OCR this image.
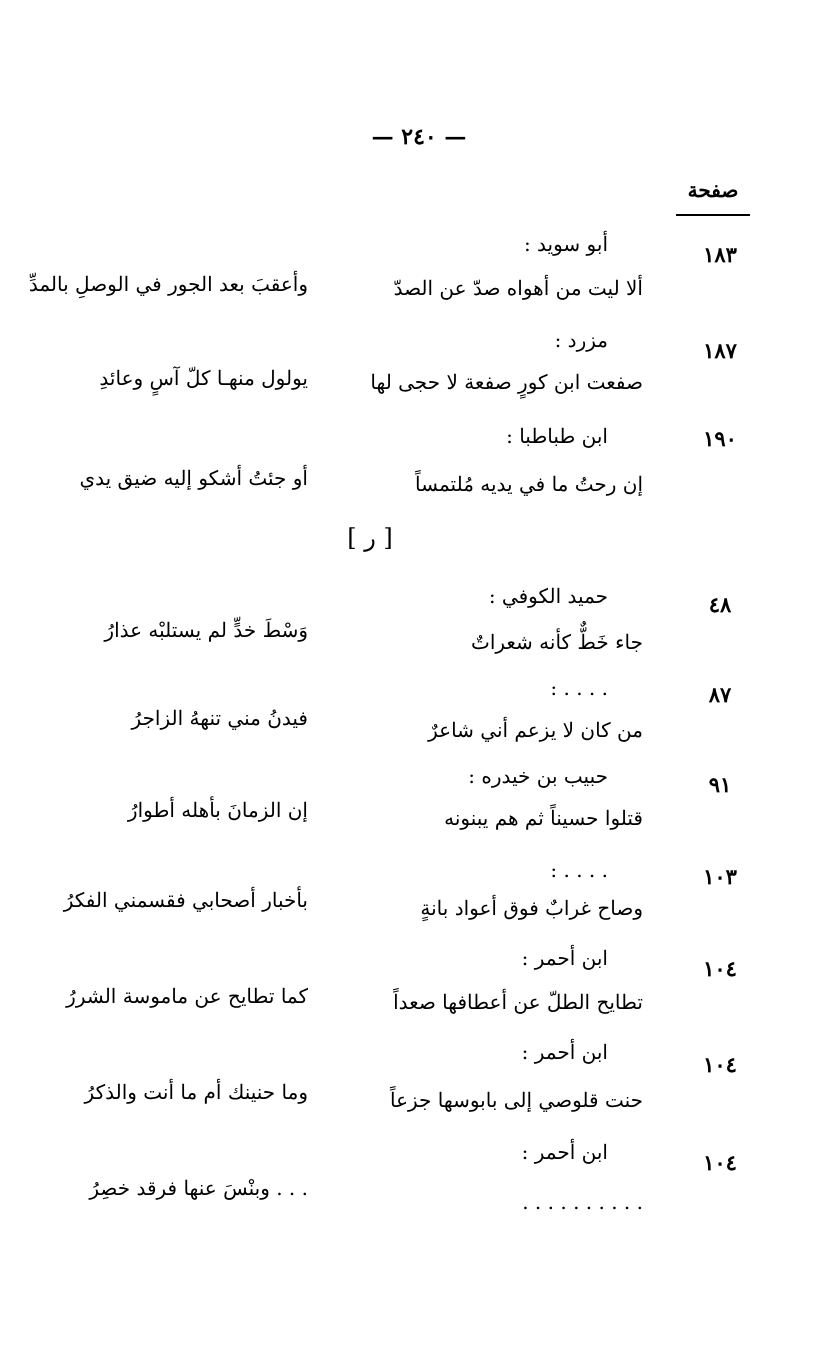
— ٢٤٠ —
صفحة
١٨٣
أبو سويد :
ألا ليت من أهواه صدّ عن الصدّ
وأعقبَ بعد الجور في الوصلِ بالمدِّ
١٨٧
مزرد :
صفعت ابن كورٍ صفعة لا حجى لها
يولول منهـا كلّ آسٍ وعائدِ
١٩٠
ابن طباطبا :
إن رحتُ ما في يديه مُلتمساً
أو جئتُ أشكو إليه ضيق يدي
[ ر ]
٤٨
حميد الكوفي :
جاء خَطٌّ كأنه شعراتٌ
وَسْطَ خدٍّ لم يستلبْه عذارُ
٨٧
. . . . :
من كان لا يزعم أني شاعرٌ
فيدنُ مني تنههُ الزاجرُ
٩١
حبيب بن خيدره :
قتلوا حسيناً ثم هم يبنونه
إن الزمانَ بأهله أطوارُ
١٠٣
. . . . :
وصاح غرابٌ فوق أعواد بانةٍ
بأخبار أصحابي فقسمني الفكرُ
١٠٤
ابن أحمر :
تطايح الطلّ عن أعطافها صعداً
كما تطايح عن ماموسة الشررُ
١٠٤
ابن أحمر :
حنت قلوصي إلى بابوسها جزعاً
وما حنينك أم ما أنت والذكرُ
١٠٤
ابن أحمر :
. . . . . . . . . .
. . . وبنْسَ عنها فرقد خصِرُ
